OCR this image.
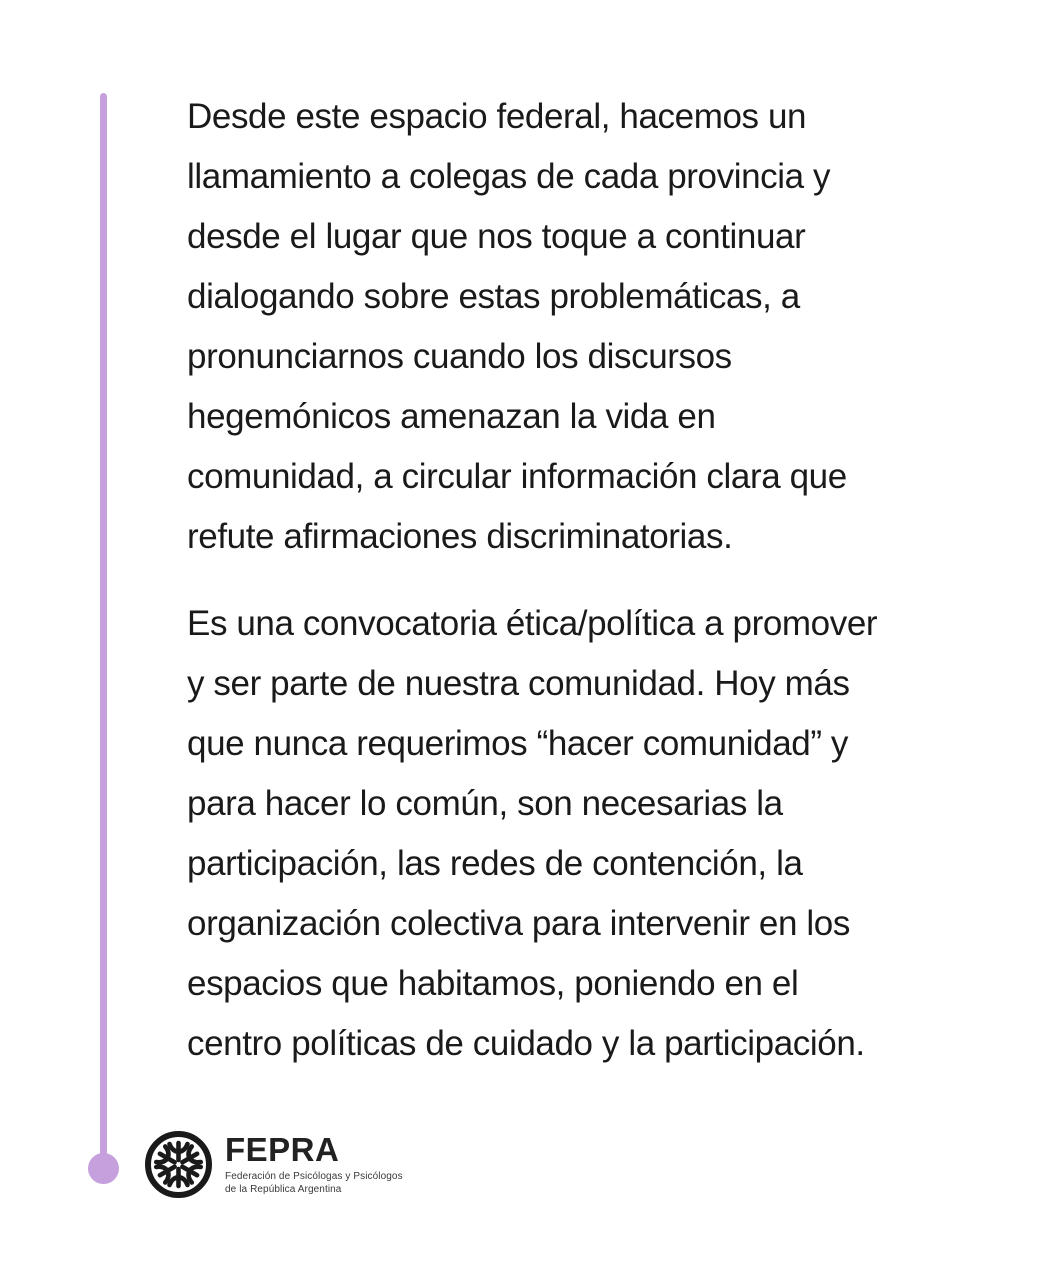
Desde este espacio federal, hacemos un
llamamiento a colegas de cada provincia y
desde el lugar que nos toque a continuar
dialogando sobre estas problemáticas, a
pronunciarnos cuando los discursos
hegemónicos amenazan la vida en
comunidad, a circular información clara que
refute afirmaciones discriminatorias.
Es una convocatoria ética/política a promover
y ser parte de nuestra comunidad. Hoy más
que nunca requerimos “hacer comunidad” y
para hacer lo común, son necesarias la
participación, las redes de contención, la
organización colectiva para intervenir en los
espacios que habitamos, poniendo en el
centro políticas de cuidado y la participación.
FEPRA
Federación de Psicólogas y Psicólogos
de la República Argentina
